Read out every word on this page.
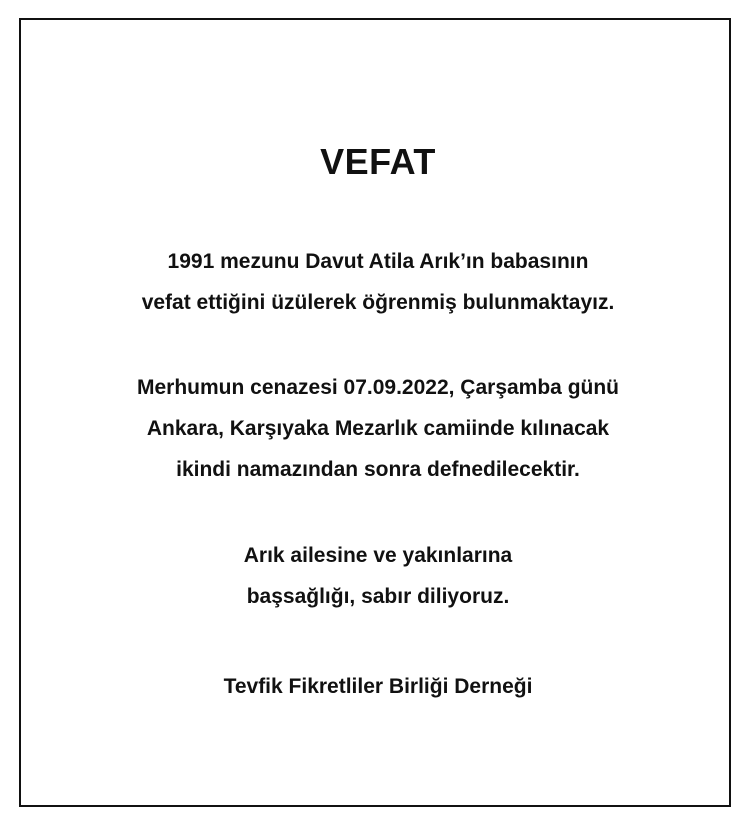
VEFAT
1991 mezunu Davut Atila Arık’ın babasının
vefat ettiğini üzülerek öğrenmiş bulunmaktayız.
Merhumun cenazesi 07.09.2022, Çarşamba günü
Ankara, Karşıyaka Mezarlık camiinde kılınacak
ikindi namazından sonra defnedilecektir.
Arık ailesine ve yakınlarına
başsağlığı, sabır diliyoruz.
Tevfik Fikretliler Birliği Derneği
